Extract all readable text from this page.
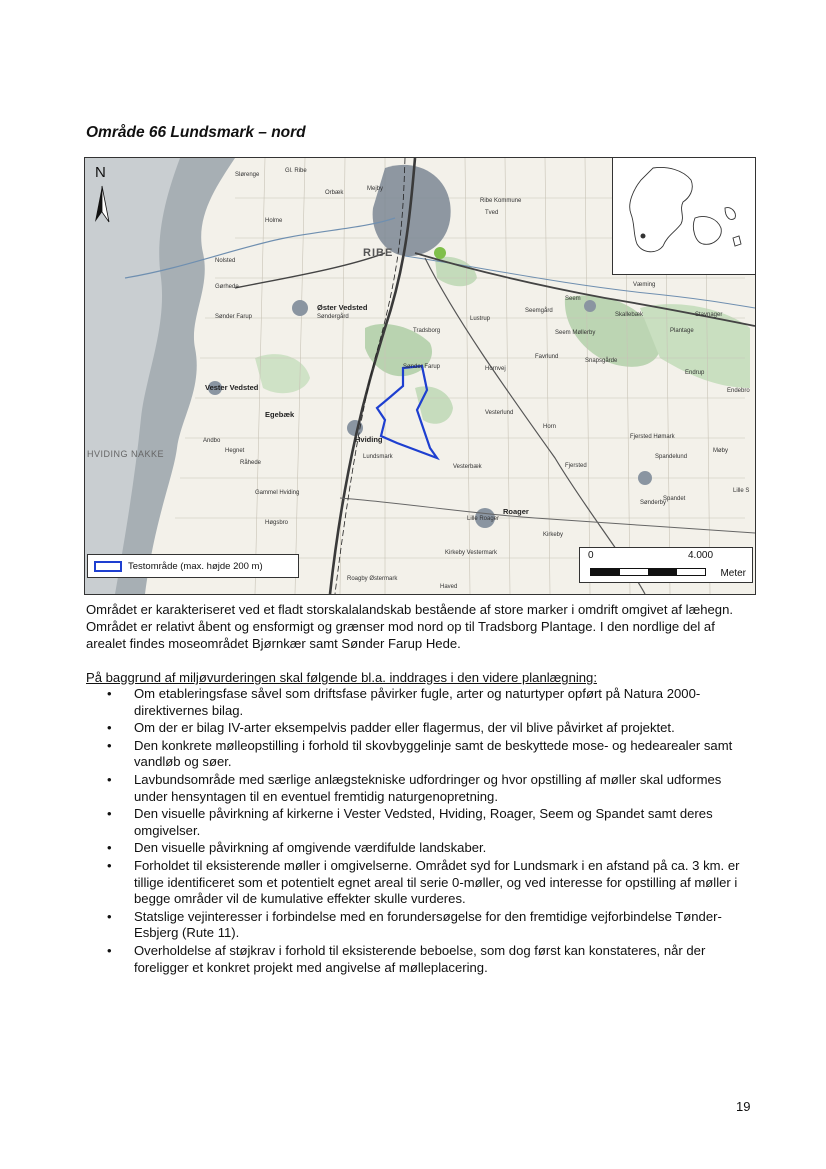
Område 66 Lundsmark – nord
N
RIBE
Øster Vedsted
Vester Vedsted
Hviding
Roager
Egebæk
HVIDING NAKKE	Lundsmark
Seem
Spandet
Lustrup
Sønder Farup
Høgsbro
Gammel Hviding
Råhede	Fjersted
Hornvej
Tved
Ribe Kommune
Holme
Vesterbæk
Kirkeby
Haved
Vesterlund
Horn
Snapsgårde
Skallebæk
Plantage
Væming
Stavnager
Endebro
Sønderby
Mejby
Orbæk
Gørhede
Møby
Lille Roager
Kirkeby Vestermark
Roagby Østermark
Favrlund
Sønder Farup
Tradsborg
Seemgård
Seem Møllerby
Endrup
Lille S
Fjersted Hømark
Spandelund
Slørenge
Gl. Ribe
Hegnet
Søndergård
Nolsted
Andbo
Testområde (max. højde 200 m)
0	4.000
Meter

Området er karakteriseret ved et fladt storskalalandskab bestående af store marker i omdrift omgivet af læhegn. Området er relativt åbent og ensformigt og grænser mod nord op til Tradsborg Plantage. I den nordlige del af arealet findes moseområdet Bjørnkær samt Sønder Farup Hede.

På baggrund af miljøvurderingen skal følgende bl.a. inddrages i den videre planlægning:

• Om etableringsfase såvel som driftsfase påvirker fugle, arter og naturtyper opført på Natura 2000-direktivernes bilag.
• Om der er bilag IV-arter eksempelvis padder eller flagermus, der vil blive påvirket af projektet.
• Den konkrete mølleopstilling i forhold til skovbyggelinje samt de beskyttede mose- og hedearealer samt vandløb og søer.
• Lavbundsområde med særlige anlægstekniske udfordringer og hvor opstilling af møller skal udformes under hensyntagen til en eventuel fremtidig naturgenopretning.
• Den visuelle påvirkning af kirkerne i Vester Vedsted, Hviding, Roager, Seem og Spandet samt deres omgivelser.
• Den visuelle påvirkning af omgivende værdifulde landskaber.
• Forholdet til eksisterende møller i omgivelserne. Området syd for Lundsmark i en afstand på ca. 3 km. er tillige identificeret som et potentielt egnet areal til serie 0-møller, og ved interesse for opstilling af møller i begge områder vil de kumulative effekter skulle vurderes.
• Statslige vejinteresser i forbindelse med en forundersøgelse for den fremtidige vejforbindelse Tønder-Esbjerg (Rute 11).
• Overholdelse af støjkrav i forhold til eksisterende beboelse, som dog først kan konstateres, når der foreligger et konkret projekt med angivelse af mølleplacering.
19
